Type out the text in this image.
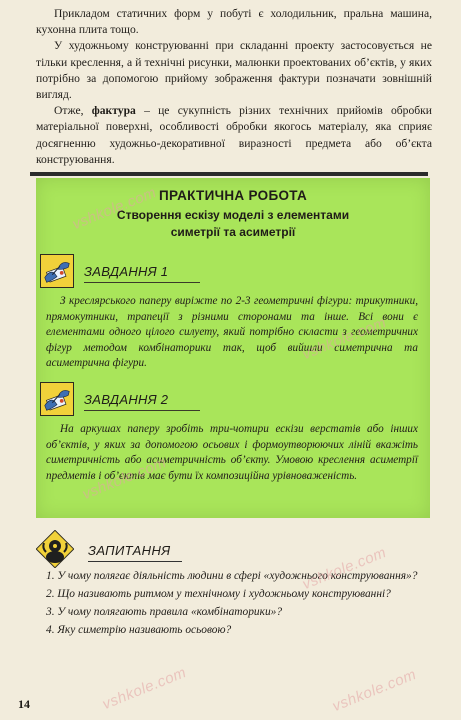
Прикладом статичних форм у побуті є холодильник, пральна машина, кухонна плита тощо.

У художньому конструюванні при складанні проекту застосовується не тільки креслення, а й технічні рисунки, малюнки проектованих об’єктів, у яких потрібно за допомогою прийому зображення фактури позначати зовнішній вигляд.

Отже, фактура – це сукупність різних технічних прийомів обробки матеріальної поверхні, особливості обробки якогось матеріалу, яка сприяє досягненню художньо-декоративної виразності предмета або об’єкта конструювання.

ПРАКТИЧНА РОБОТА
Створення ескізу моделі з елементами
симетрії та асиметрії
ЗАВДАННЯ 1
З креслярського паперу виріжте по 2-3 геометричні фігури: трикутники, прямокутники, трапеції з різними сторонами та інше. Всі вони є елементами одного цілого силуету, який потрібно скласти з геометричних фігур методом комбінаторики так, щоб вийшли симетрична та асиметрична фігури.
ЗАВДАННЯ 2
На аркушах паперу зробіть три-чотири ескізи верстатів або інших об’єктів, у яких за допомогою осьових і формоутворюючих ліній вкажіть симетричність або асиметричність об’єкту. Умовою креслення асиметрії предметів і об’єктів має бути їх композиційна урівноваженість.
ЗАПИТАННЯ

1. У чому полягає діяльність людини в сфері «художнього конструювання»?

2. Що називають ритмом у технічному і художньому конструюванні?

3. У чому полягають правила «комбінаторики»?

4. Яку симетрію називають осьовою?

14
vshkole.com
vshkole.com
vshkole.com
vshkole.com
vshkole.com
vshkole.com
